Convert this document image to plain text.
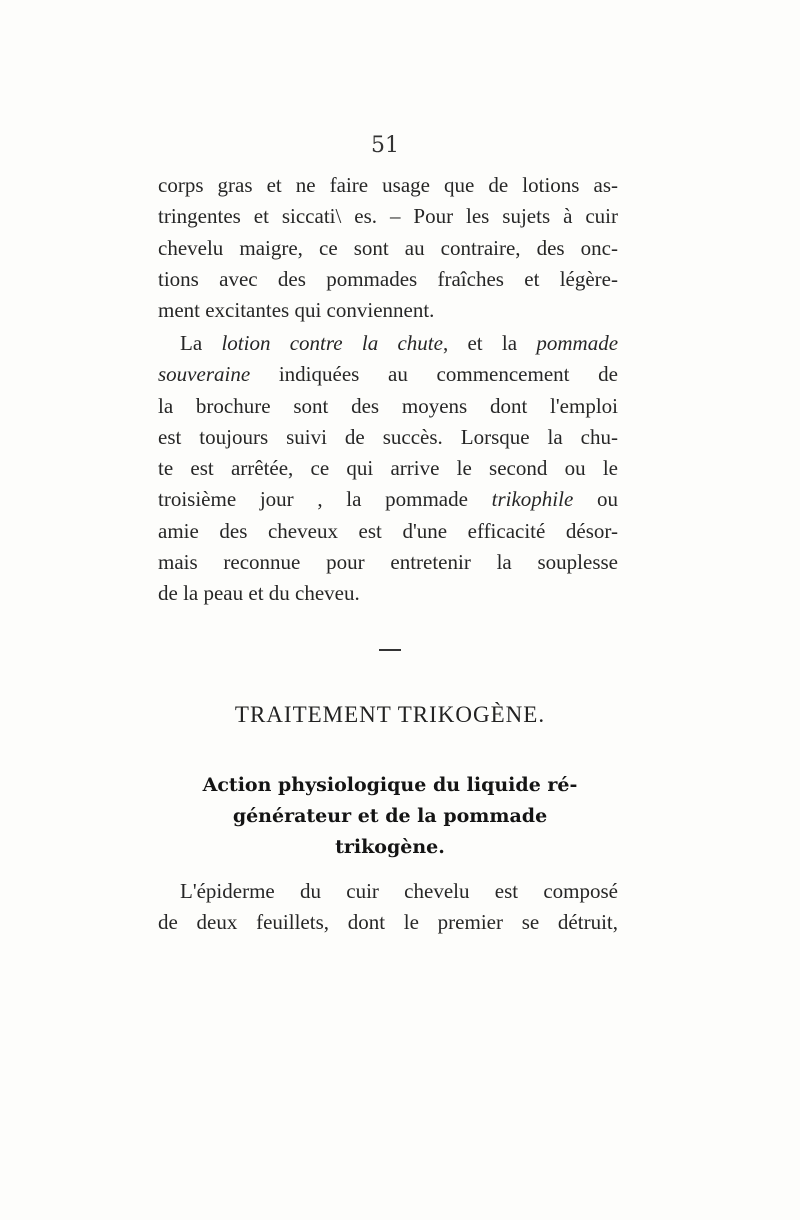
51

corps gras et ne faire usage que de lotions as-
tringentes et siccati\ es. – Pour les sujets à cuir
chevelu maigre, ce sont au contraire, des onc-
tions avec des pommades fraîches et légère-
ment excitantes qui conviennent.

La lotion contre la chute, et la pommade
souveraine indiquées au commencement de
la brochure sont des moyens dont l'emploi
est toujours suivi de succès. Lorsque la chu-
te est arrêtée, ce qui arrive le second ou le
troisième jour , la pommade trikophile ou
amie des cheveux est d'une efficacité désor-
mais reconnue pour entretenir la souplesse
de la peau et du cheveu.

TRAITEMENT TRIKOGÈNE.
Action physiologique du liquide ré-
générateur et de la pommade
trikogène.

L'épiderme du cuir chevelu est composé
de deux feuillets, dont le premier se détruit,
